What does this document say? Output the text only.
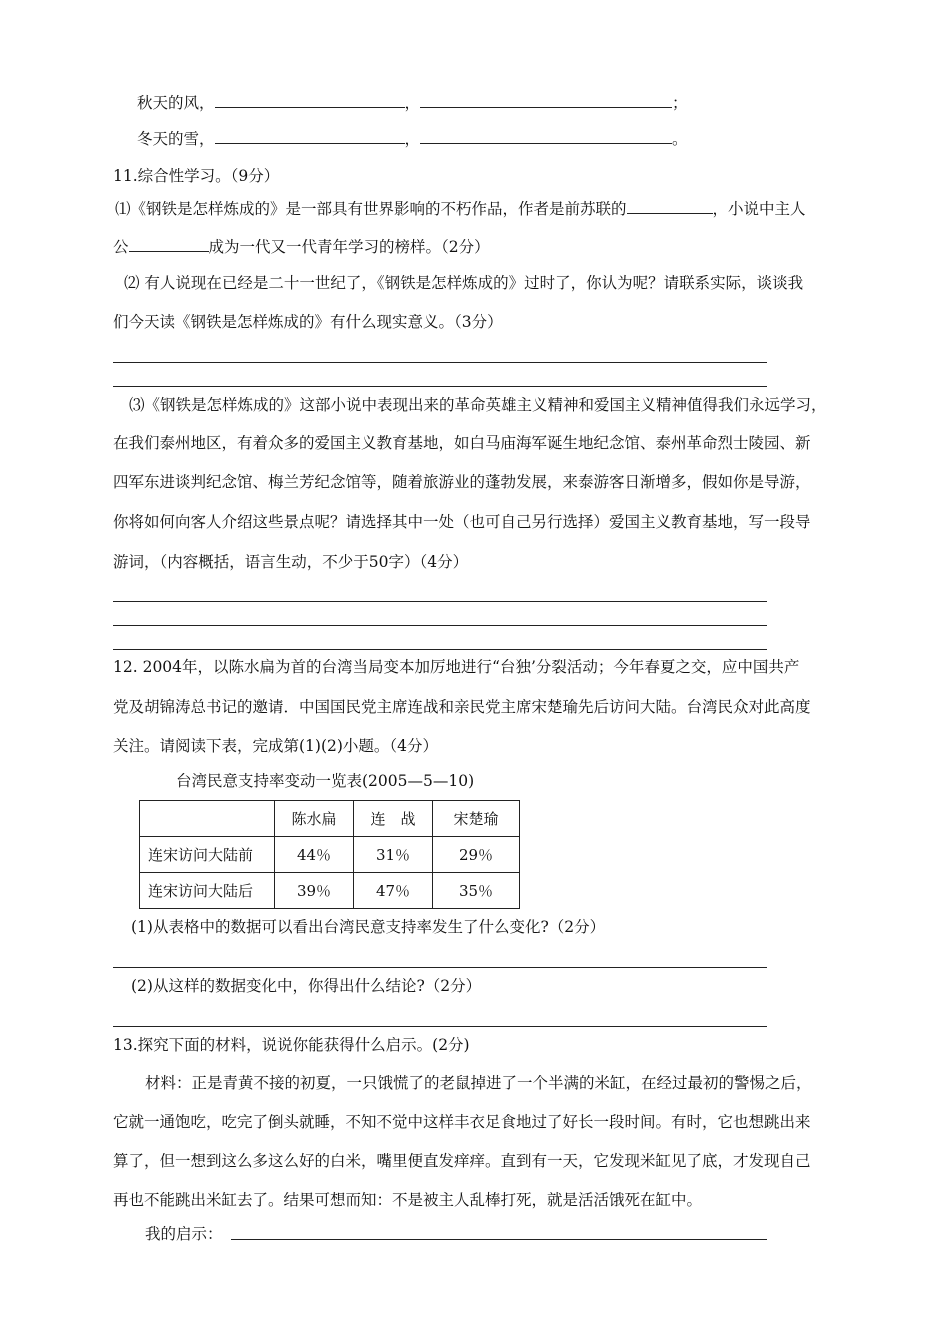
秋天的风，	，	；
冬天的雪，	，	。
11.综合性学习。（9分）
⑴《钢铁是怎样炼成的》是一部具有世界影响的不朽作品，作者是前苏联的	，小说中主人
公	成为一代又一代青年学习的榜样。（2分）
⑵ 有人说现在已经是二十一世纪了，《钢铁是怎样炼成的》过时了，你认为呢？请联系实际，谈谈我
们今天读《钢铁是怎样炼成的》有什么现实意义。（3分）
⑶《钢铁是怎样炼成的》这部小说中表现出来的革命英雄主义精神和爱国主义精神值得我们永远学习，
在我们泰州地区，有着众多的爱国主义教育基地，如白马庙海军诞生地纪念馆、泰州革命烈士陵园、新
四军东进谈判纪念馆、梅兰芳纪念馆等，随着旅游业的蓬勃发展，来泰游客日渐增多，假如你是导游，
你将如何向客人介绍这些景点呢？请选择其中一处（也可自己另行选择）爱国主义教育基地，写一段导
游词，（内容概括，语言生动，不少于50字）（4分）
12. 2004年，以陈水扁为首的台湾当局变本加厉地进行“台独’分裂活动；今年春夏之交，应中国共产
党及胡锦涛总书记的邀请．中国国民党主席连战和亲民党主席宋楚瑜先后访问大陆。台湾民众对此高度
关注。请阅读下表，完成第(1)(2)小题。（4分）
台湾民意支持率变动一览表(2005—5—10)
	陈水扁	连　战	宋楚瑜
连宋访问大陆前	44％	31％	29％
连宋访问大陆后	39％	47％	35％
(1)从表格中的数据可以看出台湾民意支持率发生了什么变化?（2分）
(2)从这样的数据变化中，你得出什么结论?（2分）
13.探究下面的材料，说说你能获得什么启示。(2分)
材料：正是青黄不接的初夏，一只饿慌了的老鼠掉进了一个半满的米缸，在经过最初的警惕之后，
它就一通饱吃，吃完了倒头就睡，不知不觉中这样丰衣足食地过了好长一段时间。有时，它也想跳出来
算了，但一想到这么多这么好的白米，嘴里便直发痒痒。直到有一天，它发现米缸见了底，才发现自己
再也不能跳出米缸去了。结果可想而知：不是被主人乱棒打死，就是活活饿死在缸中。
我的启示：
